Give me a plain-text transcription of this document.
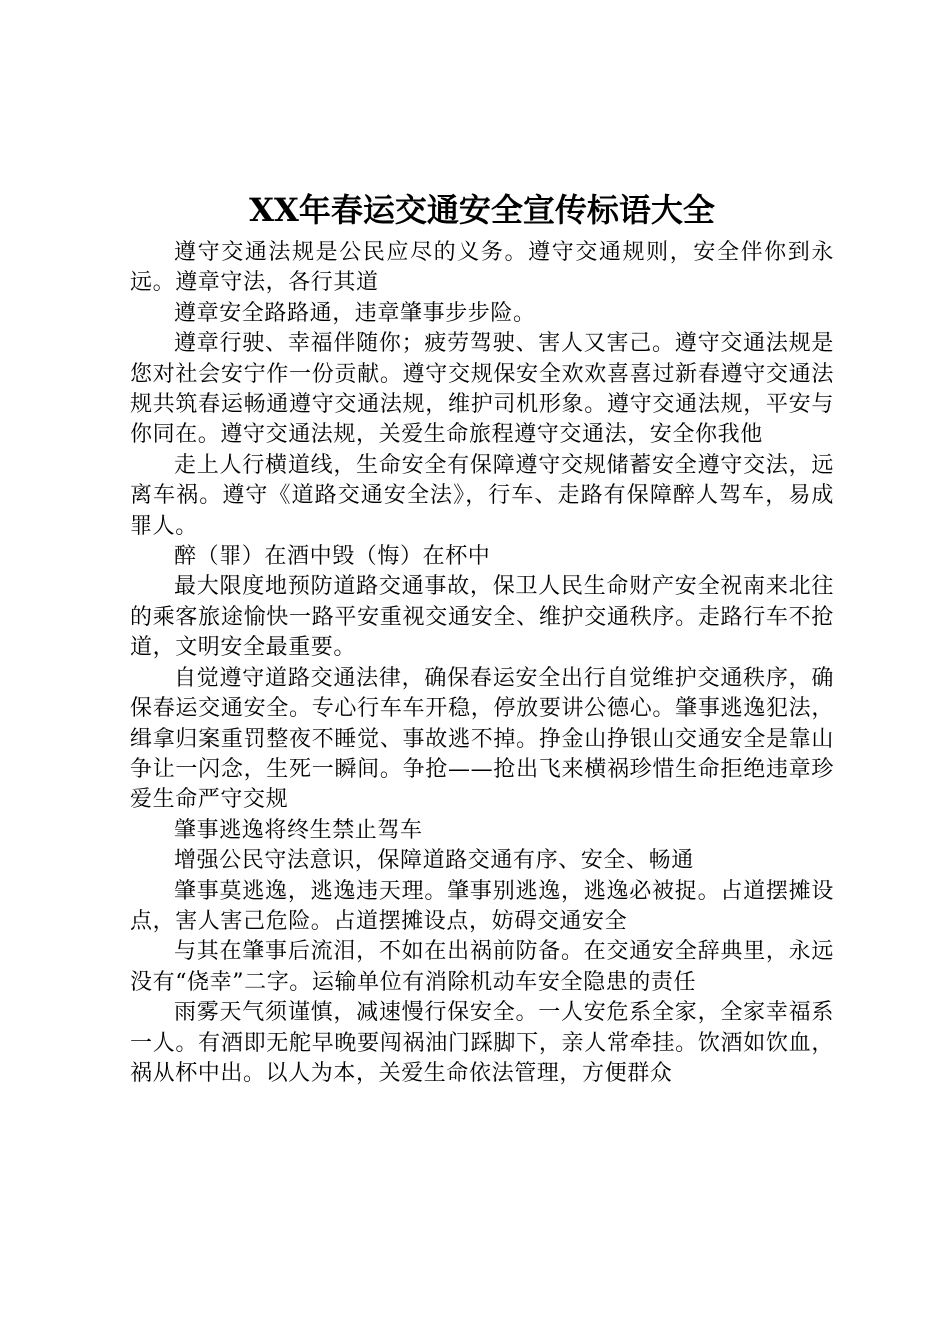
XX年春运交通安全宣传标语大全

遵守交通法规是公民应尽的义务。遵守交通规则，安全伴你到永远。遵章守法，各行其道

遵章安全路路通，违章肇事步步险。

遵章行驶、幸福伴随你；疲劳驾驶、害人又害己。遵守交通法规是您对社会安宁作一份贡献。遵守交规保安全欢欢喜喜过新春遵守交通法规共筑春运畅通遵守交通法规，维护司机形象。遵守交通法规，平安与你同在。遵守交通法规，关爱生命旅程遵守交通法，安全你我他

走上人行横道线，生命安全有保障遵守交规储蓄安全遵守交法，远离车祸。遵守《道路交通安全法》，行车、走路有保障醉人驾车，易成罪人。

醉（罪）在酒中毁（悔）在杯中

最大限度地预防道路交通事故，保卫人民生命财产安全祝南来北往的乘客旅途愉快一路平安重视交通安全、维护交通秩序。走路行车不抢道，文明安全最重要。

自觉遵守道路交通法律，确保春运安全出行自觉维护交通秩序，确保春运交通安全。专心行车车开稳，停放要讲公德心。肇事逃逸犯法，缉拿归案重罚整夜不睡觉、事故逃不掉。挣金山挣银山交通安全是靠山争让一闪念，生死一瞬间。争抢——抢出飞来横祸珍惜生命拒绝违章珍爱生命严守交规

肇事逃逸将终生禁止驾车

增强公民守法意识，保障道路交通有序、安全、畅通

肇事莫逃逸，逃逸违天理。肇事别逃逸，逃逸必被捉。占道摆摊设点，害人害己危险。占道摆摊设点，妨碍交通安全

与其在肇事后流泪，不如在出祸前防备。在交通安全辞典里，永远没有“侥幸”二字。运输单位有消除机动车安全隐患的责任

雨雾天气须谨慎，减速慢行保安全。一人安危系全家，全家幸福系一人。有酒即无舵早晚要闯祸油门踩脚下，亲人常牵挂。饮酒如饮血，祸从杯中出。以人为本，关爱生命依法管理，方便群众
